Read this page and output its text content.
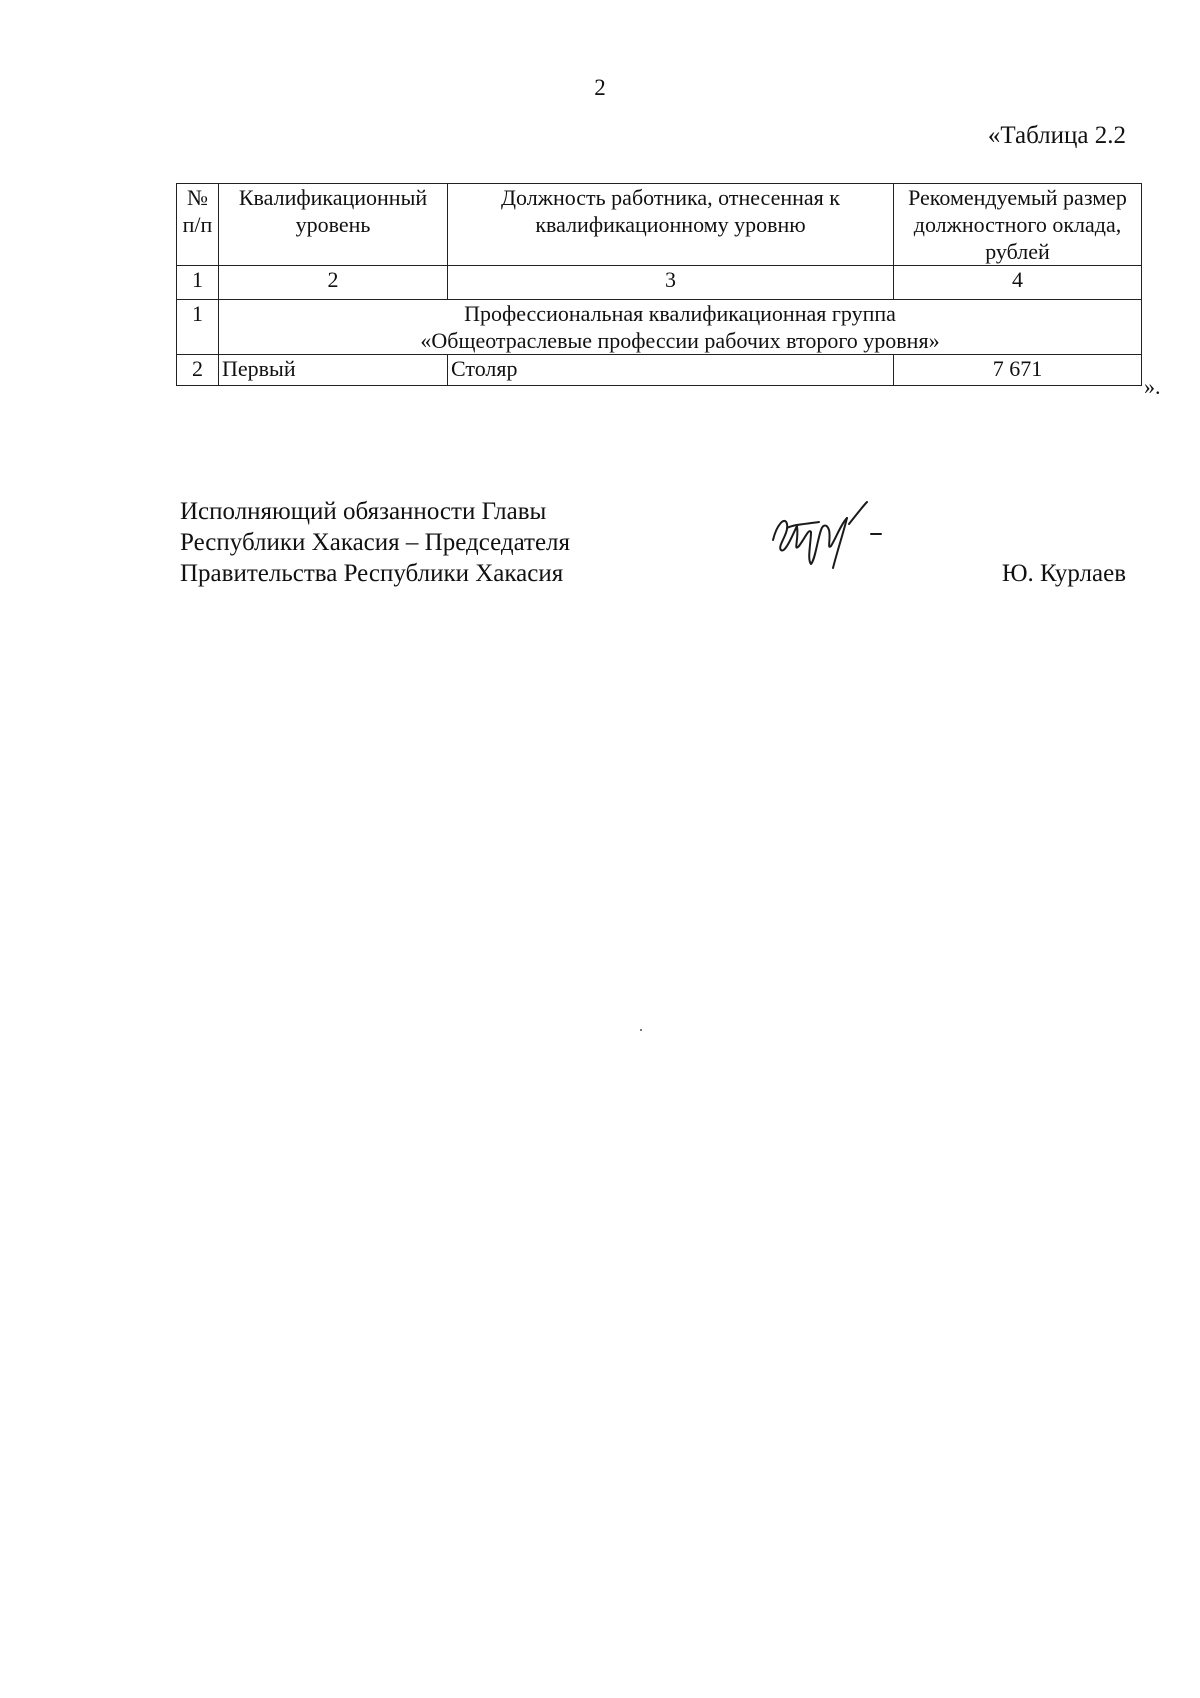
2
«Таблица 2.2
№ п/п	Квалификационный уровень	Должность работника, отнесенная к квалификационному уровню	Рекомендуемый размер должностного оклада, рублей
1	2	3	4
1	Профессиональная квалификационная группа
«Общеотраслевые профессии рабочих второго уровня»		

2	Первый	Столяр	7 671
».
Исполняющий обязанности Главы
Республики Хакасия – Председателя
Правительства Республики Хакасия	Ю. Курлаев
